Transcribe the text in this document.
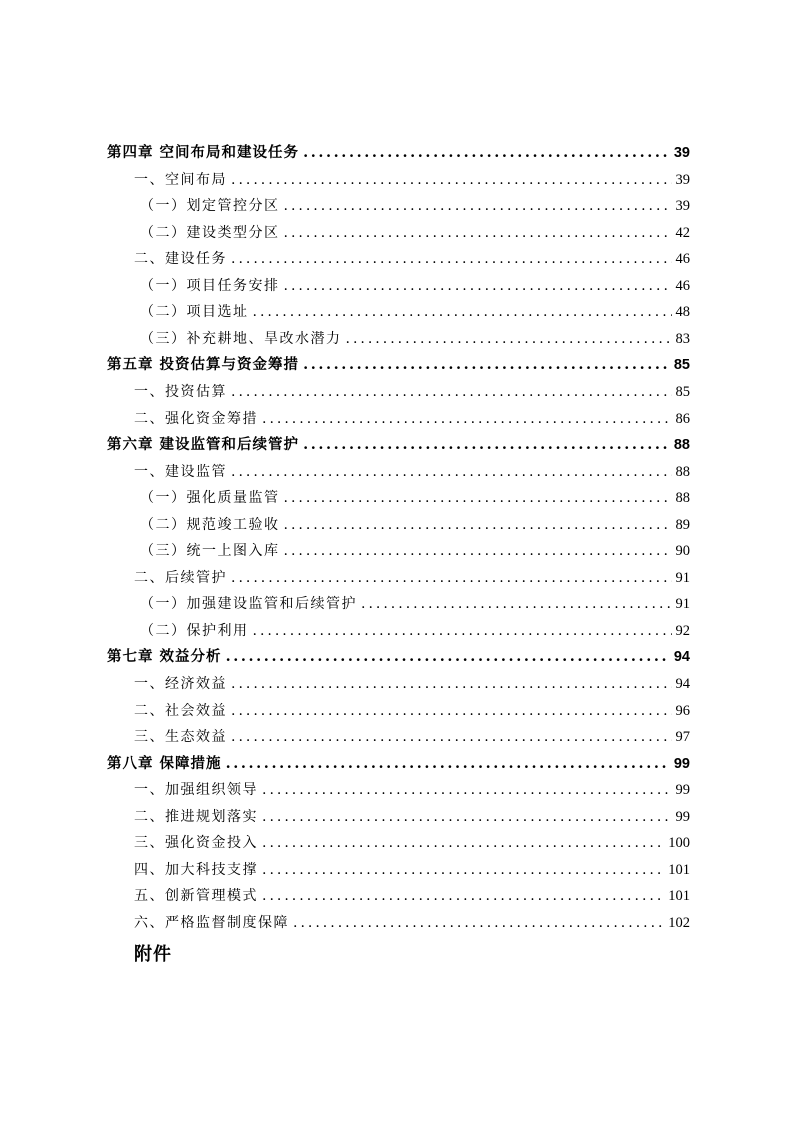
第四章 空间布局和建设任务 .....	39
一、空间布局 .....	39
（一）划定管控分区 .....	39
（二）建设类型分区 .....	42
二、建设任务 .....	46
（一）项目任务安排 .....	46
（二）项目选址 .....	48
（三）补充耕地、旱改水潜力 .....	83
第五章 投资估算与资金筹措 .....	85
一、投资估算 .....	85
二、强化资金筹措 .....	86
第六章 建设监管和后续管护 .....	88
一、建设监管 .....	88
（一）强化质量监管 .....	88
（二）规范竣工验收 .....	89
（三）统一上图入库 .....	90
二、后续管护 .....	91
（一）加强建设监管和后续管护 .....	91
（二）保护利用 .....	92
第七章 效益分析 .....	94
一、经济效益 .....	94
二、社会效益 .....	96
三、生态效益 .....	97
第八章 保障措施 .....	99
一、加强组织领导 .....	99
二、推进规划落实 .....	99
三、强化资金投入 .....	100
四、加大科技支撑 .....	101
五、创新管理模式 .....	101
六、严格监督制度保障 .....	102
附件
